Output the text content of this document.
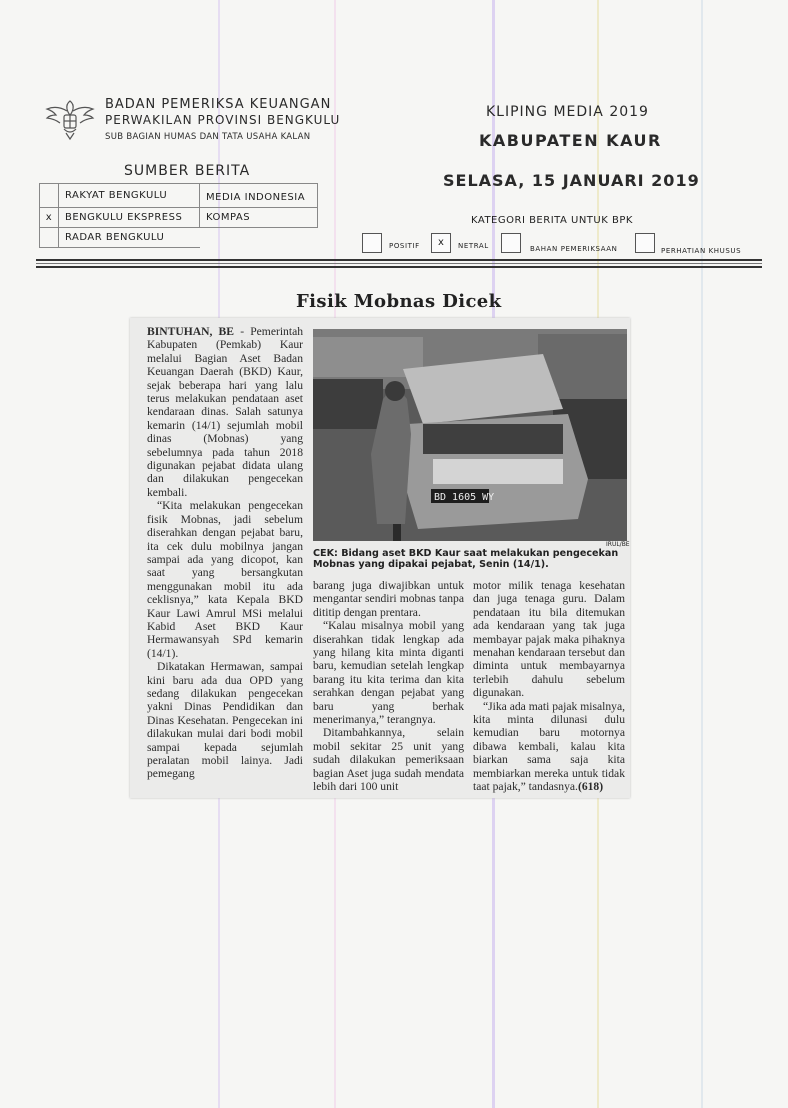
BADAN PEMERIKSA KEUANGAN
PERWAKILAN PROVINSI BENGKULU
SUB BAGIAN HUMAS DAN TATA USAHA KALAN
KLIPING MEDIA 2019
KABUPATEN KAUR
SELASA, 15 JANUARI 2019
SUMBER BERITA
	RAKYAT BENGKULU	MEDIA INDONESIA
x	BENGKULU EKSPRESS	KOMPAS
	RADAR BENGKULU	
KATEGORI BERITA UNTUK BPK
POSITIF	x	NETRAL	BAHAN PEMERIKSAAN	PERHATIAN KHUSUS
Fisik Mobnas Dicek

BINTUHAN, BE - Pemerintah Kabupaten (Pemkab) Kaur melalui Bagian Aset Badan Keuangan Daerah (BKD) Kaur, sejak beberapa hari yang lalu terus melakukan pendataan aset kendaraan dinas. Salah satunya kemarin (14/1) sejumlah mobil dinas (Mobnas) yang sebelumnya pada tahun 2018 digunakan pejabat didata ulang dan dilakukan pengecekan kembali.

“Kita melakukan pengecekan fisik Mobnas, jadi sebelum diserahkan dengan pejabat baru, ita cek dulu mobilnya jangan sampai ada yang dicopot, kan saat yang bersangkutan menggunakan mobil itu ada ceklisnya,” kata Kepala BKD Kaur Lawi Amrul MSi melalui Kabid Aset BKD Kaur Hermawansyah SPd kemarin (14/1).

Dikatakan Hermawan, sampai kini baru ada dua OPD yang sedang dilakukan pengecekan yakni Dinas Pendidikan dan Dinas Kesehatan. Pengecekan ini dilakukan mulai dari bodi mobil sampai kepada sejumlah peralatan mobil lainya. Jadi pemegang

BD 1605 WY
IRUL/BE
CEK: Bidang aset BKD Kaur saat melakukan pengecekan Mobnas yang dipakai pejabat, Senin (14/1).

barang juga diwajibkan untuk mengantar sendiri mobnas tanpa dititip dengan prentara.

“Kalau misalnya mobil yang diserahkan tidak lengkap ada yang hilang kita minta diganti baru, kemudian setelah lengkap barang itu kita terima dan kita serahkan dengan pejabat yang baru yang berhak menerimanya,” terangnya.

Ditambahkannya, selain mobil sekitar 25 unit yang sudah dilakukan pemeriksaan bagian Aset juga sudah mendata lebih dari 100 unit

motor milik tenaga kesehatan dan juga tenaga guru. Dalam pendataan itu bila ditemukan ada kendaraan yang tak juga membayar pajak maka pihaknya menahan kendaraan tersebut dan diminta untuk membayarnya terlebih dahulu sebelum digunakan.

“Jika ada mati pajak misalnya, kita minta dilunasi dulu kemudian baru motornya dibawa kembali, kalau kita biarkan sama saja kita membiarkan mereka untuk tidak taat pajak,” tandasnya.(618)
